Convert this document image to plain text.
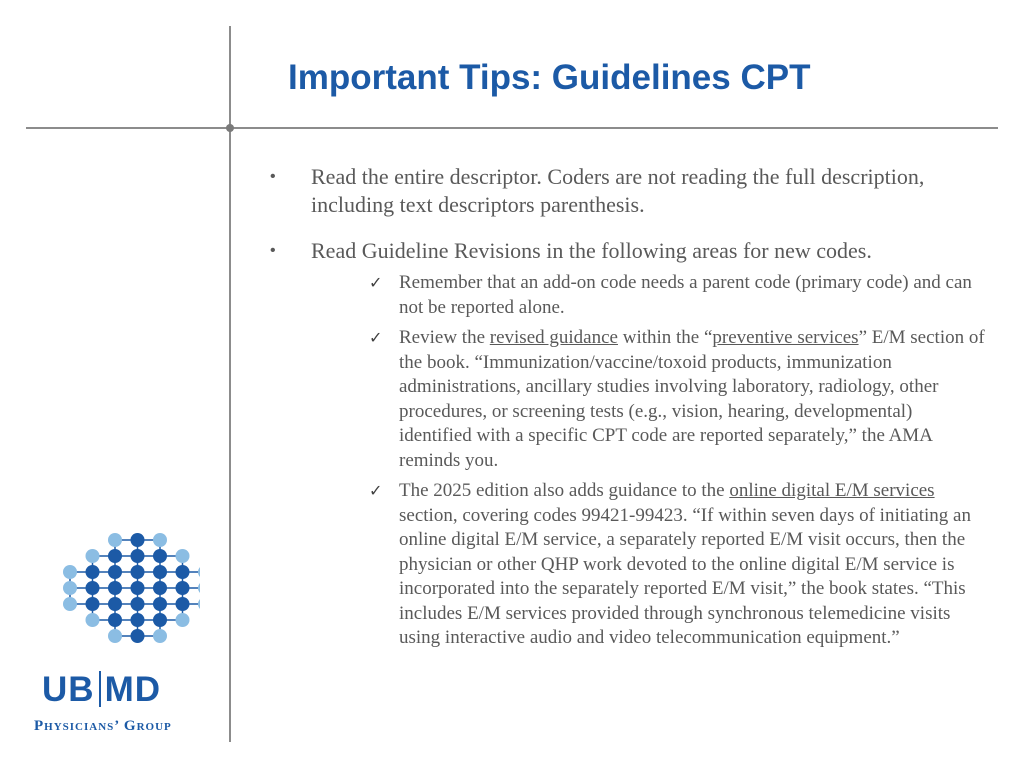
Important Tips: Guidelines CPT

• Read the entire descriptor. Coders are not reading the full description, including text descriptors parenthesis.

• Read Guideline Revisions in the following areas for new codes.
✓ Remember that an add-on code needs a parent code (primary code) and can not be reported alone.
✓ Review the revised guidance within the “preventive services” E/M section of the book. “Immunization/vaccine/toxoid products, immunization administrations, ancillary studies involving laboratory, radiology, other procedures, or screening tests (e.g., vision, hearing, developmental) identified with a specific CPT code are reported separately,” the AMA reminds you.
✓ The 2025 edition also adds guidance to the online digital E/M services section, covering codes 99421-99423. “If within seven days of initiating an online digital E/M service, a separately reported E/M visit occurs, then the physician or other QHP work devoted to the online digital E/M service is incorporated into the separately reported E/M visit,” the book states. “This includes E/M services provided through synchronous telemedicine visits using interactive audio and video telecommunication equipment.”
UB MD
Physicians’ Group
